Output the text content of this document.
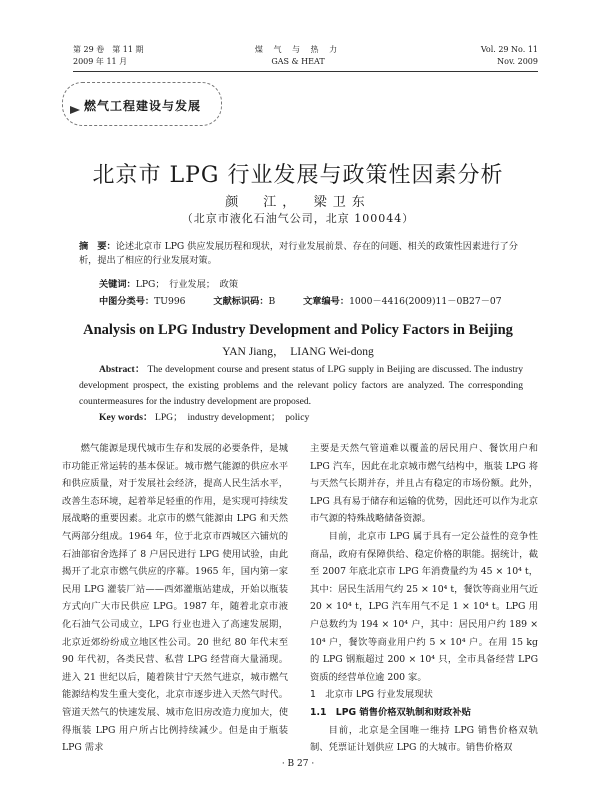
第 29 卷　第 11 期
2009 年 11 月
煤 气 与 热 力
GAS & HEAT
Vol. 29 No. 11
Nov. 2009
燃气工程建设与发展
北京市 LPG 行业发展与政策性因素分析
颜　江，　梁卫东
（北京市液化石油气公司，北京 100044）
摘　要：论述北京市 LPG 供应发展历程和现状，对行业发展前景、存在的问题、相关的政策性因素进行了分析，提出了相应的行业发展对策。
关键词：LPG；　行业发展；　政策
中图分类号：TU996	文献标识码：B	文章编号：1000－4416(2009)11－0B27－07
Analysis on LPG Industry Development and Policy Factors in Beijing
YAN Jiang，　LIANG Wei-dong
Abstract： The development course and present status of LPG supply in Beijing are discussed. The industry development prospect, the existing problems and the relevant policy factors are analyzed. The corresponding countermeasures for the industry development are proposed.
Key words： LPG；　industry development；　policy

燃气能源是现代城市生存和发展的必要条件，是城市功能正常运转的基本保证。城市燃气能源的供应水平和供应质量，对于发展社会经济，提高人民生活水平，改善生态环境，起着举足轻重的作用，是实现可持续发展战略的重要因素。北京市的燃气能源由 LPG 和天然气两部分组成。1964 年，位于北京市西城区六铺炕的石油部宿舍选择了 8 户居民进行 LPG 使用试验，由此揭开了北京市燃气供应的序幕。1965 年，国内第一家民用 LPG 灌装厂站——西郊灌瓶站建成，开始以瓶装方式向广大市民供应 LPG。1987 年，随着北京市液化石油气公司成立，LPG 行业也进入了高速发展期，北京近郊纷纷成立地区性公司。20 世纪 80 年代末至 90 年代初，各类民营、私营 LPG 经营商大量涌现。进入 21 世纪以后，随着陕甘宁天然气进京，城市燃气能源结构发生重大变化，北京市逐步进入天然气时代。管道天然气的快速发展、城市危旧房改造力度加大，使得瓶装 LPG 用户所占比例持续减少。但是由于瓶装 LPG 需求

主要是天然气管道难以覆盖的居民用户、餐饮用户和 LPG 汽车，因此在北京城市燃气结构中，瓶装 LPG 将与天然气长期并存，并且占有稳定的市场份额。此外，LPG 具有易于储存和运输的优势，因此还可以作为北京市气源的特殊战略储备资源。

目前，北京市 LPG 属于具有一定公益性的竞争性商品，政府有保障供给、稳定价格的职能。据统计，截至 2007 年底北京市 LPG 年消费量约为 45 × 10⁴ t，其中：居民生活用气约 25 × 10⁴ t，餐饮等商业用气近 20 × 10⁴ t，LPG 汽车用气不足 1 × 10⁴ t。LPG 用户总数约为 194 × 10⁴ 户，其中：居民用户约 189 × 10⁴ 户，餐饮等商业用户约 5 × 10⁴ 户。在用 15 kg 的 LPG 钢瓶超过 200 × 10⁴ 只，全市具备经营 LPG 资质的经营单位逾 200 家。

1　北京市 LPG 行业发展现状
1.1　LPG 销售价格双轨制和财政补贴

目前，北京是全国唯一维持 LPG 销售价格双轨制、凭票证计划供应 LPG 的大城市。销售价格双

· B 27 ·
